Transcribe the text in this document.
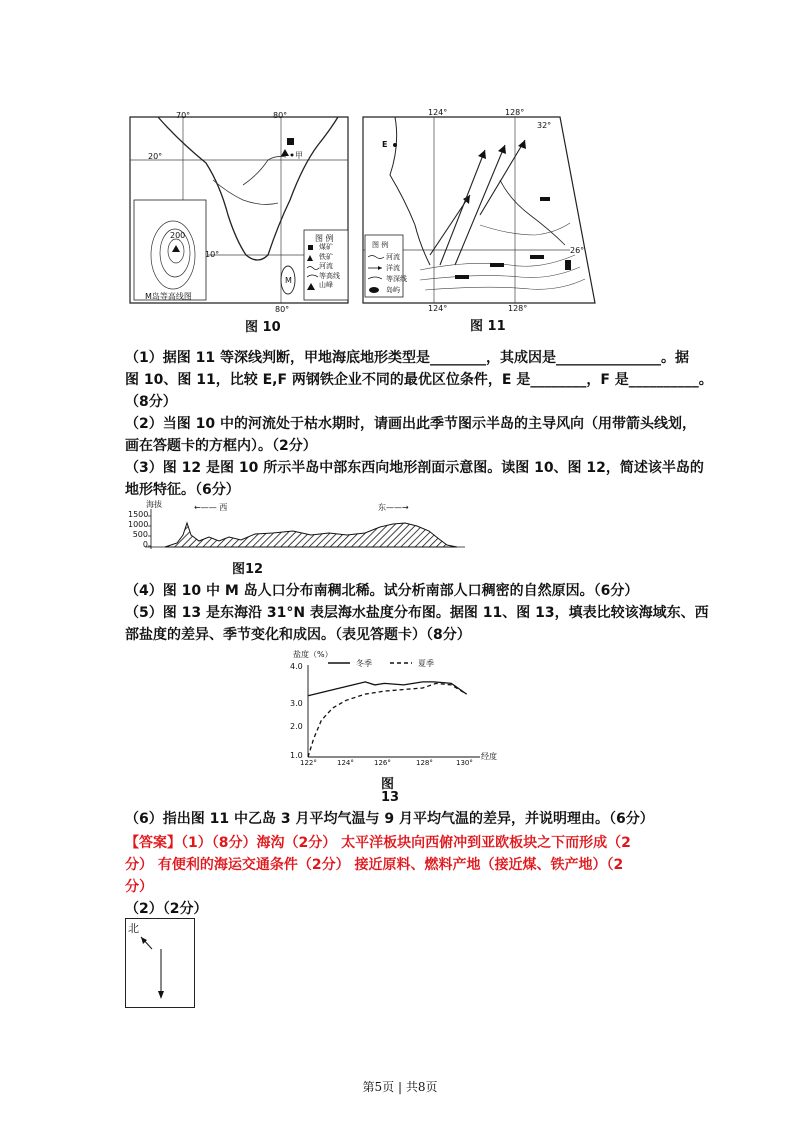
70°	80°
20°
10°
80°
甲
M岛等高线图
200
M
图 例
煤矿
铁矿
河流
等高线
山峰
图 10
124°	128°
32°
26°
124°	128°
E
图 例
河流
洋流
等深线
岛屿
图 11
（1）据图 11 等深线判断，甲地海底地形类型是________，其成因是_______________。据
图 10、图 11，比较 E,F 两钢铁企业不同的最优区位条件，E 是________，F 是__________。
（8分）
（2）当图 10 中的河流处于枯水期时，请画出此季节图示半岛的主导风向（用带箭头线划，
画在答题卡的方框内）。（2分）
（3）图 12 是图 10 所示半岛中部东西向地形剖面示意图。读图 10、图 12，简述该半岛的
地形特征。（6分）
海拔
1500
1000
500
0
←—— 西	东——→
图12
（4）图 10 中 M 岛人口分布南稠北稀。试分析南部人口稠密的自然原因。（6分）
（5）图 13 是东海沿 31°N 表层海水盐度分布图。据图 11、图 13，填表比较该海域东、西
部盐度的差异、季节变化和成因。（表见答题卡）（8分）
盐度（%）
冬季	夏季
4.0
3.0
2.0
1.0
122°	124°	126°	128°	130°
经度
图
13
（6）指出图 11 中乙岛 3 月平均气温与 9 月平均气温的差异，并说明理由。（6分）
【答案】（1）（8分）海沟（2分） 太平洋板块向西俯冲到亚欧板块之下而形成（2
分） 有便利的海运交通条件（2分） 接近原料、燃料产地（接近煤、铁产地）（2
分）
（2）（2分）
北
第5页 | 共8页
